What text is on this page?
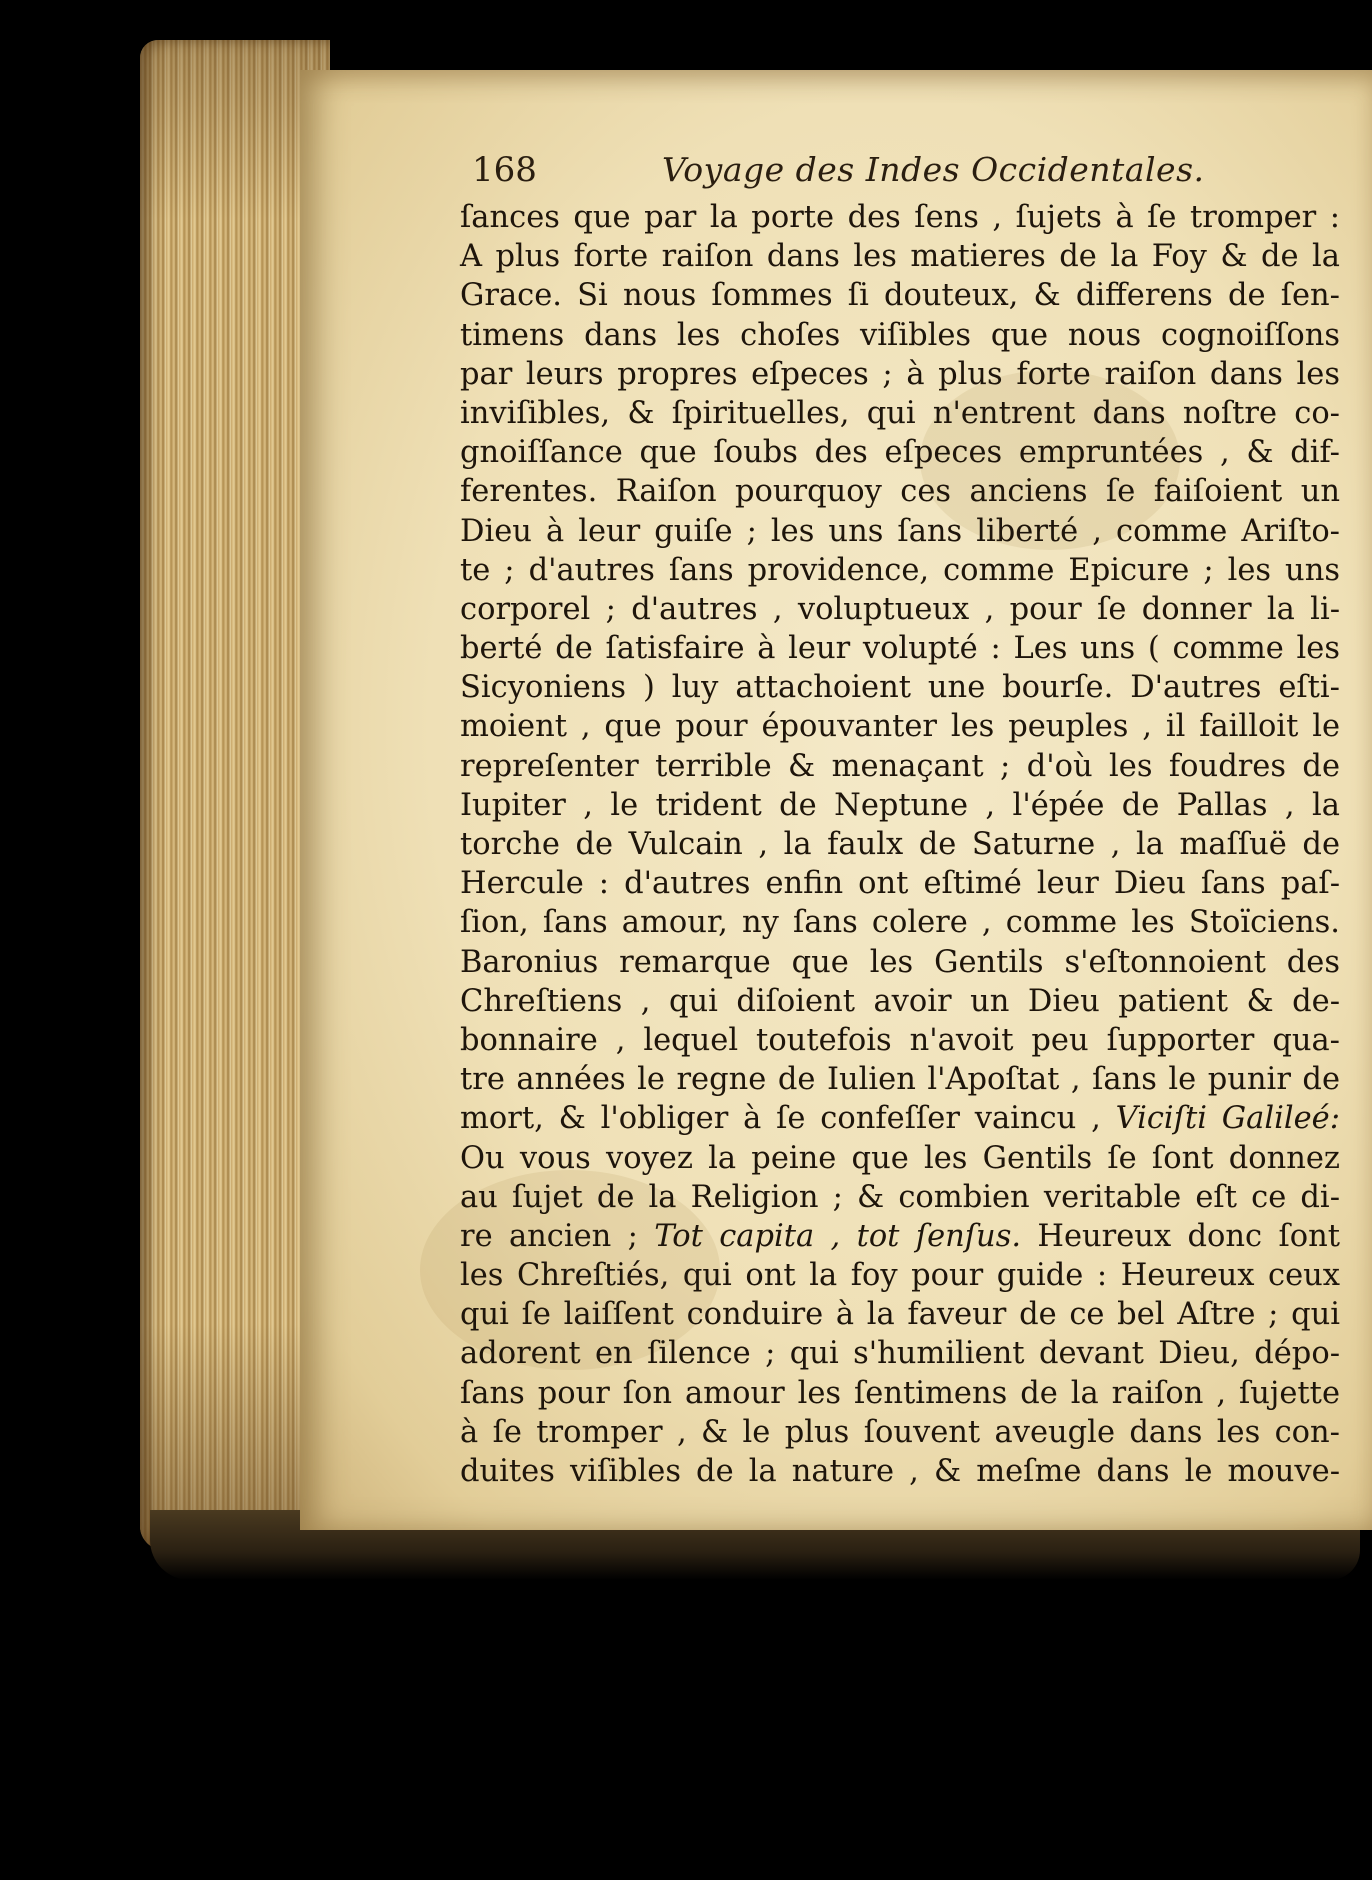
168	Voyage des Indes Occidentales.
ſances que par la porte des ſens , ſujets à ſe tromper :
A plus forte raiſon dans les matieres de la Foy & de la
Grace. Si nous ſommes ſi douteux, & differens de ſen-
timens dans les choſes viſibles que nous cognoiſſons
par leurs propres eſpeces ; à plus forte raiſon dans les
inviſibles, & ſpirituelles, qui n'entrent dans noſtre co-
gnoiſſance que ſoubs des eſpeces empruntées , & dif-
ferentes. Raiſon pourquoy ces anciens ſe faiſoient un
Dieu à leur guiſe ; les uns ſans liberté , comme Ariſto-
te ; d'autres ſans providence, comme Epicure ; les uns
corporel ; d'autres , voluptueux , pour ſe donner la li-
berté de ſatisfaire à leur volupté : Les uns ( comme les
Sicyoniens ) luy attachoient une bourſe. D'autres eſti-
moient , que pour épouvanter les peuples , il failloit le
repreſenter terrible & menaçant ; d'où les foudres de
Iupiter , le trident de Neptune , l'épée de Pallas , la
torche de Vulcain , la faulx de Saturne , la maſſuë de
Hercule : d'autres enfin ont eſtimé leur Dieu ſans paſ-
ſion, ſans amour, ny ſans colere , comme les Stoïciens.
Baronius remarque que les Gentils s'eſtonnoient des
Chreſtiens , qui diſoient avoir un Dieu patient & de-
bonnaire , lequel toutefois n'avoit peu ſupporter qua-
tre années le regne de Iulien l'Apoſtat , ſans le punir de
mort, & l'obliger à ſe confeſſer vaincu , Viciſti Galileé:
Ou vous voyez la peine que les Gentils ſe ſont donnez
au ſujet de la Religion ; & combien veritable eſt ce di-
re ancien ; Tot capita , tot ſenſus. Heureux donc ſont
les Chreſtiés, qui ont la foy pour guide : Heureux ceux
qui ſe laiſſent conduire à la faveur de ce bel Aſtre ; qui
adorent en ſilence ; qui s'humilient devant Dieu, dépo-
ſans pour ſon amour les ſentimens de la raiſon , ſujette
à ſe tromper , & le plus ſouvent aveugle dans les con-
duites viſibles de la nature , & meſme dans le mouve-
